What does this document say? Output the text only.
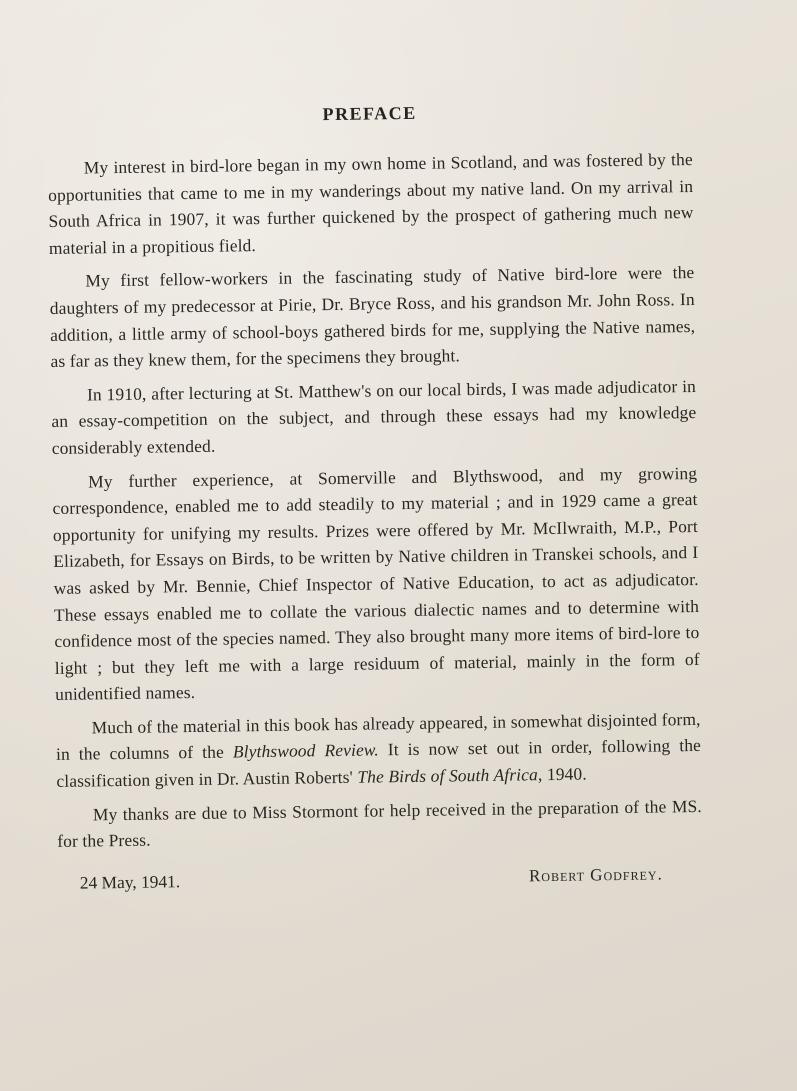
PREFACE

My interest in bird-lore began in my own home in Scotland, and was fostered by the opportunities that came to me in my wanderings about my native land. On my arrival in South Africa in 1907, it was further quickened by the prospect of gathering much new material in a propitious field.

My first fellow-workers in the fascinating study of Native bird-lore were the daughters of my predecessor at Pirie, Dr. Bryce Ross, and his grandson Mr. John Ross. In addition, a little army of school-boys gathered birds for me, supplying the Native names, as far as they knew them, for the specimens they brought.

In 1910, after lecturing at St. Matthew's on our local birds, I was made adjudicator in an essay-competition on the subject, and through these essays had my knowledge considerably extended.

My further experience, at Somerville and Blythswood, and my growing correspondence, enabled me to add steadily to my material ; and in 1929 came a great opportunity for unifying my results. Prizes were offered by Mr. McIlwraith, M.P., Port Elizabeth, for Essays on Birds, to be written by Native children in Transkei schools, and I was asked by Mr. Bennie, Chief Inspector of Native Education, to act as adjudicator. These essays enabled me to collate the various dialectic names and to determine with confidence most of the species named. They also brought many more items of bird-lore to light ; but they left me with a large residuum of material, mainly in the form of unidentified names.

Much of the material in this book has already appeared, in somewhat disjointed form, in the columns of the Blythswood Review. It is now set out in order, following the classification given in Dr. Austin Roberts' The Birds of South Africa, 1940.

My thanks are due to Miss Stormont for help received in the preparation of the MS. for the Press.

24 May, 1941.	Robert Godfrey.
